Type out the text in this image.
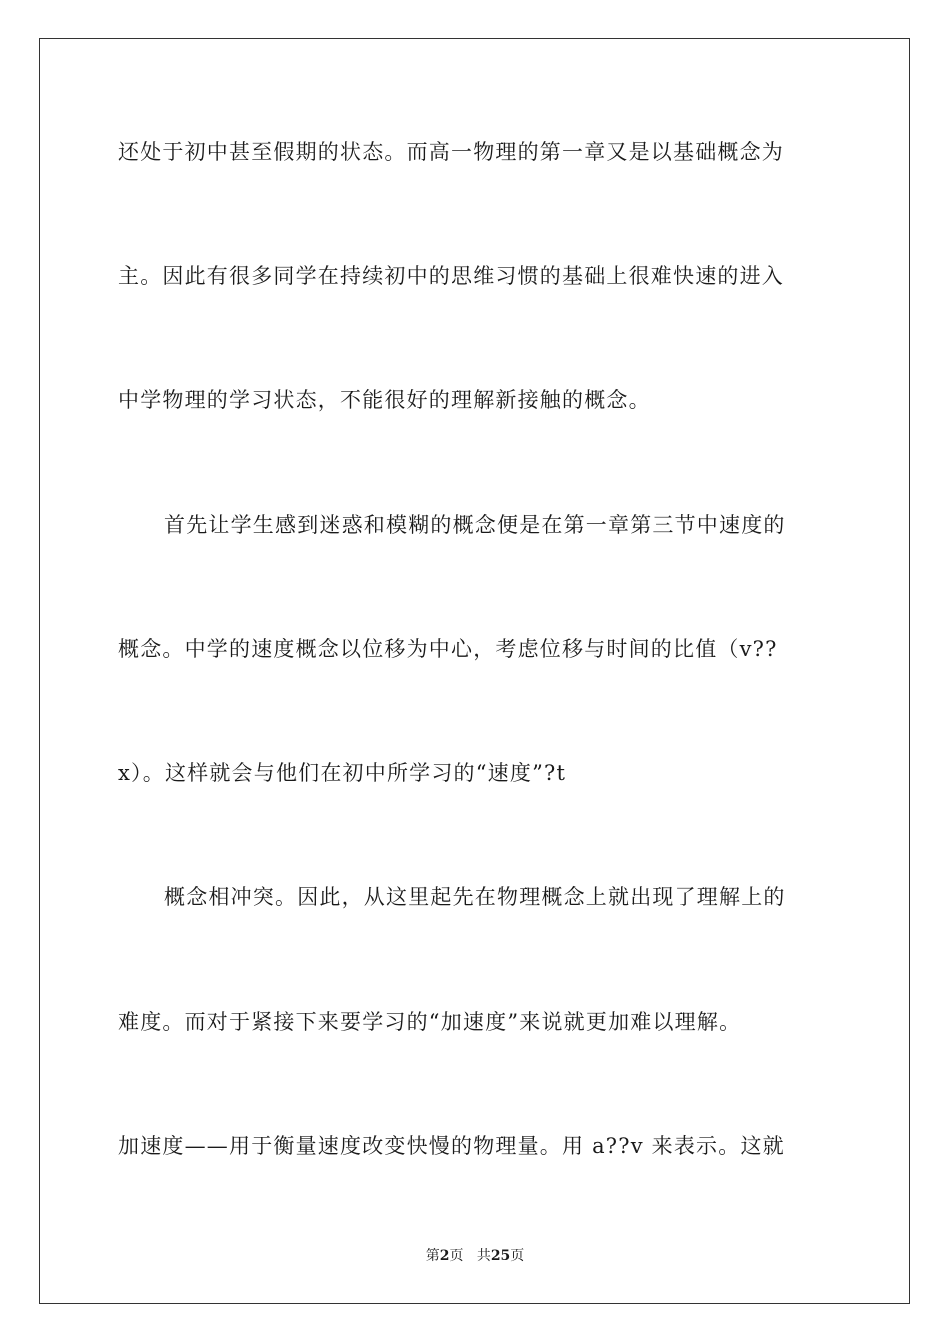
还处于初中甚至假期的状态。而高一物理的第一章又是以基础概念为
主。因此有很多同学在持续初中的思维习惯的基础上很难快速的进入
中学物理的学习状态，不能很好的理解新接触的概念。
首先让学生感到迷惑和模糊的概念便是在第一章第三节中速度的
概念。中学的速度概念以位移为中心，考虑位移与时间的比值（v??
x）。这样就会与他们在初中所学习的“速度”?t
概念相冲突。因此，从这里起先在物理概念上就出现了理解上的
难度。而对于紧接下来要学习的“加速度”来说就更加难以理解。
加速度——用于衡量速度改变快慢的物理量。用 a??v 来表示。这就
第2页 共25页
